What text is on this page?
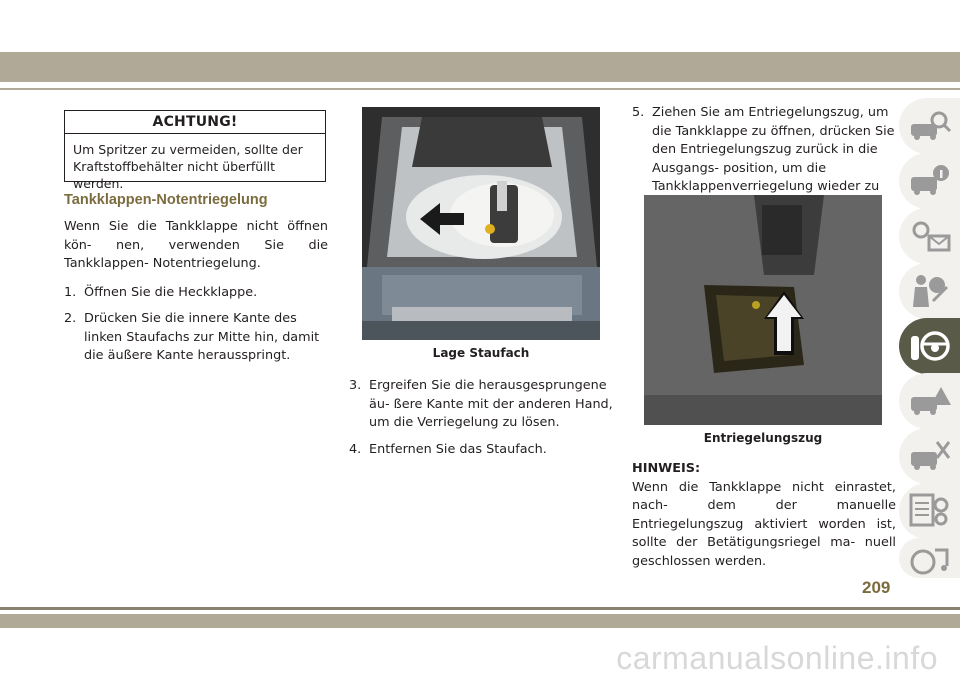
ACHTUNG!
Um Spritzer zu vermeiden, sollte der Kraftstoffbehälter nicht überfüllt werden.
Tankklappen-Notentriegelung

Wenn Sie die Tankklappe nicht öffnen kön- nen, verwenden Sie die Tankklappen- Notentriegelung.

1. Öffnen Sie die Heckklappe.
2. Drücken Sie die innere Kante des linken Staufachs zur Mitte hin, damit die äußere Kante herausspringt.	Lage Staufach
3. Ergreifen Sie die herausgesprungene äu- ßere Kante mit der anderen Hand, um die Verriegelung zu lösen.
4. Entfernen Sie das Staufach.
5. Ziehen Sie am Entriegelungszug, um die Tankklappe zu öffnen, drücken Sie den Entriegelungszug zurück in die Ausgangs- position, um die Tankklappenverriegelung wieder zu
Entriegelungszug

HINWEIS:

Wenn die Tankklappe nicht einrastet, nach- dem der manuelle Entriegelungszug aktiviert worden ist, sollte der Betätigungsriegel ma- nuell geschlossen werden.

209
carmanualsonline.info
